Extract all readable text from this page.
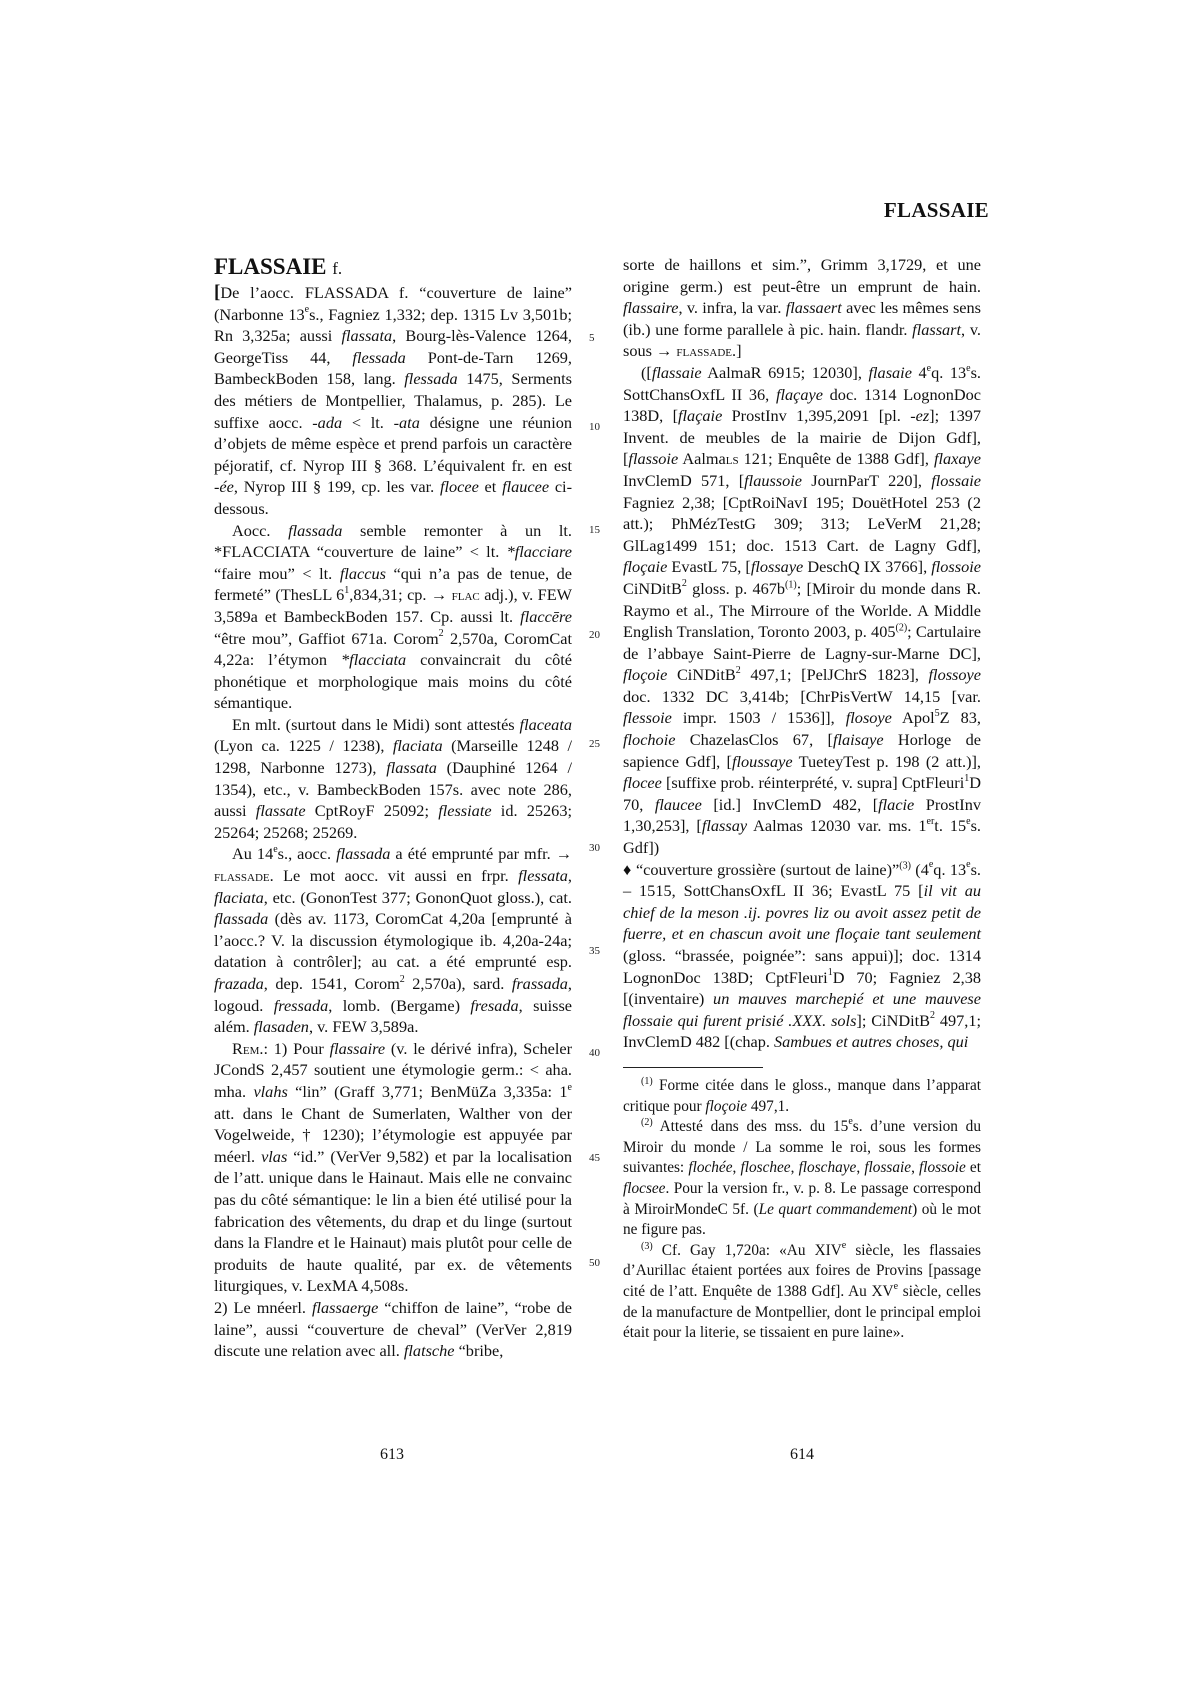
FLASSAIE

FLASSAIE f.

[De l’aocc. FLASSADA f. “couverture de laine” (Narbonne 13es., Fagniez 1,332; dep. 1315 Lv 3,501b; Rn 3,325a; aussi flassata, Bourg-lès-Valence 1264, GeorgeTiss 44, flessada Pont-de-Tarn 1269, BambeckBoden 158, lang. flessada 1475, Serments des métiers de Montpellier, Thalamus, p. 285). Le suffixe aocc. -ada < lt. -ata désigne une réunion d’objets de même espèce et prend parfois un caractère péjoratif, cf. Nyrop III § 368. L’équivalent fr. en est -ée, Nyrop III § 199, cp. les var. flocee et flaucee ci-dessous.

Aocc. flassada semble remonter à un lt. *FLACCIATA “couverture de laine” < lt. *flacciare “faire mou” < lt. flaccus “qui n’a pas de tenue, de fermeté” (ThesLL $6^1,834,31$; cp. → flac adj.), v. FEW 3,589a et BambeckBoden 157. Cp. aussi lt. flaccēre “être mou”, Gaffiot 671a. Corom$^2$ 2,570a, CoromCat 4,22a: l’étymon *flacciata convaincrait du côté phonétique et morphologique mais moins du côté sémantique.

En mlt. (surtout dans le Midi) sont attestés flaceata (Lyon ca. 1225 / 1238), flaciata (Marseille 1248 / 1298, Narbonne 1273), flassata (Dauphiné 1264 / 1354), etc., v. BambeckBoden 157s. avec note 286, aussi flassate CptRoyF 25092; flessiate id. 25263; 25264; 25268; 25269.

Au 14es., aocc. flassada a été emprunté par mfr. → flassade. Le mot aocc. vit aussi en frpr. flessata, flaciata, etc. (GononTest 377; GononQuot gloss.), cat. flassada (dès av. 1173, CoromCat 4,20a [emprunté à l’aocc.? V. la discussion étymologique ib. 4,20a-24a; datation à contrôler]; au cat. a été emprunté esp. frazada, dep. 1541, Corom$^2$ 2,570a), sard. frassada, logoud. fressada, lomb. (Bergame) fresada, suisse além. flasaden, v. FEW 3,589a.

Rem.: 1) Pour flassaire (v. le dérivé infra), Scheler JCondS 2,457 soutient une étymologie germ.: < aha. mha. vlahs “lin” (Graff 3,771; BenMüZa 3,335a: 1e att. dans le Chant de Sumerlaten, Walther von der Vogelweide, † 1230); l’étymologie est appuyée par méerl. vlas “id.” (VerVer 9,582) et par la localisation de l’att. unique dans le Hainaut. Mais elle ne convainc pas du côté sémantique: le lin a bien été utilisé pour la fabrication des vêtements, du drap et du linge (surtout dans la Flandre et le Hainaut) mais plutôt pour celle de produits de haute qualité, par ex. de vêtements liturgiques, v. LexMA 4,508s.

2) Le mnéerl. flassaerge “chiffon de laine”, “robe de laine”, aussi “couverture de cheval” (VerVer 2,819 discute une relation avec all. flatsche “bribe,

5
10
15
20
25
30
35
40
45
50

sorte de haillons et sim.”, Grimm 3,1729, et une origine germ.) est peut-être un emprunt de hain. flassaire, v. infra, la var. flassaert avec les mêmes sens (ib.) une forme parallele à pic. hain. flandr. flassart, v. sous → flassade.]

([flassaie AalmaR 6915; 12030], flasaie 4eq. 13es. SottChansOxfL II 36, flaçaye doc. 1314 LognonDoc 138D, [flaçaie ProstInv 1,395,2091 [pl. -ez]; 1397 Invent. de meubles de la mairie de Dijon Gdf], [flassoie Aalmals 121; Enquête de 1388 Gdf], flaxaye InvClemD 571, [flaussoie JournParT 220], flossaie Fagniez 2,38; [CptRoiNavI 195; DouëtHotel 253 (2 att.); PhMézTestG 309; 313; LeVerM 21,28; GlLag1499 151; doc. 1513 Cart. de Lagny Gdf], floçaie EvastL 75, [flossaye DeschQ IX 3766], flossoie CiNDitB$^2$ gloss. p. 467b$^{(1)}$; [Miroir du monde dans R. Raymo et al., The Mirroure of the Worlde. A Middle English Translation, Toronto 2003, p. 405$^{(2)}$; Cartulaire de l’abbaye Saint-Pierre de Lagny-sur-Marne DC], floçoie CiNDitB$^2$ 497,1; [PelJChrS 1823], flossoye doc. 1332 DC 3,414b; [ChrPisVertW 14,15 [var. flessoie impr. 1503 / 1536]], flosoye Apol$^5$Z 83, flochoie ChazelasClos 67, [flaisaye Horloge de sapience Gdf], [floussaye TueteyTest p. 198 (2 att.)], flocee [suffixe prob. réinterprété, v. supra] CptFleuri$^1$D 70, flaucee [id.] InvClemD 482, [flacie ProstInv 1,30,253], [flassay Aalmas 12030 var. ms. 1ert. 15es. Gdf])

♦ “couverture grossière (surtout de laine)”$^{(3)}$ (4eq. 13es. – 1515, SottChansOxfL II 36; EvastL 75 [il vit au chief de la meson .ij. povres liz ou avoit assez petit de fuerre, et en chascun avoit une floçaie tant seulement (gloss. “brassée, poignée”: sans appui)]; doc. 1314 LognonDoc 138D; CptFleuri$^1$D 70; Fagniez 2,38 [(inventaire) un mauves marchepié et une mauvese flossaie qui furent prisié .XXX. sols]; CiNDitB$^2$ 497,1; InvClemD 482 [(chap. Sambues et autres choses, qui

$^{(1)}$ Forme citée dans le gloss., manque dans l’apparat critique pour floçoie 497,1.

$^{(2)}$ Attesté dans des mss. du 15es. d’une version du Miroir du monde / La somme le roi, sous les formes suivantes: flochée, floschee, floschaye, flossaie, flossoie et flocsee. Pour la version fr., v. p. 8. Le passage correspond à MiroirMondeC 5f. (Le quart commandement) où le mot ne figure pas.

$^{(3)}$ Cf. Gay 1,720a: «Au XIVe siècle, les flassaies d’Aurillac étaient portées aux foires de Provins [passage cité de l’att. Enquête de 1388 Gdf]. Au XVe siècle, celles de la manufacture de Montpellier, dont le principal emploi était pour la literie, se tissaient en pure laine».

613	614
